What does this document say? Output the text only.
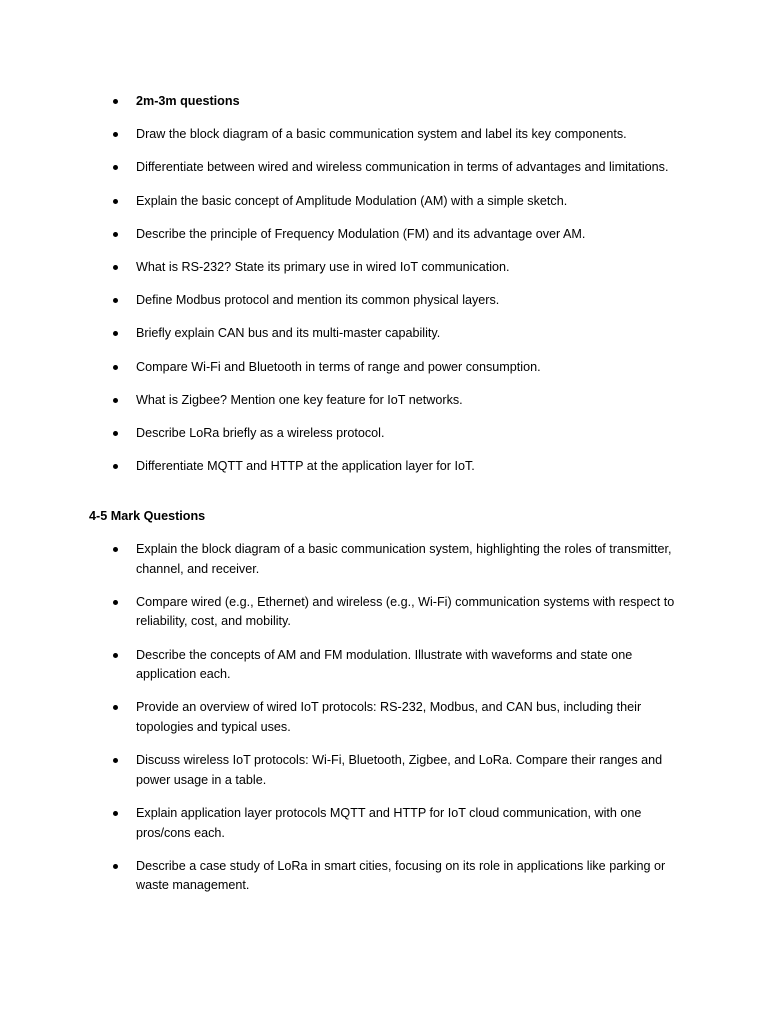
2m-3m questions
Draw the block diagram of a basic communication system and label its key components.
Differentiate between wired and wireless communication in terms of advantages and limitations.
Explain the basic concept of Amplitude Modulation (AM) with a simple sketch.
Describe the principle of Frequency Modulation (FM) and its advantage over AM.
What is RS-232? State its primary use in wired IoT communication.
Define Modbus protocol and mention its common physical layers.
Briefly explain CAN bus and its multi-master capability.
Compare Wi-Fi and Bluetooth in terms of range and power consumption.
What is Zigbee? Mention one key feature for IoT networks.
Describe LoRa briefly as a wireless protocol.
Differentiate MQTT and HTTP at the application layer for IoT.
4-5 Mark Questions
Explain the block diagram of a basic communication system, highlighting the roles of transmitter, channel, and receiver.
Compare wired (e.g., Ethernet) and wireless (e.g., Wi-Fi) communication systems with respect to reliability, cost, and mobility.
Describe the concepts of AM and FM modulation. Illustrate with waveforms and state one application each.
Provide an overview of wired IoT protocols: RS-232, Modbus, and CAN bus, including their topologies and typical uses.
Discuss wireless IoT protocols: Wi-Fi, Bluetooth, Zigbee, and LoRa. Compare their ranges and power usage in a table.
Explain application layer protocols MQTT and HTTP for IoT cloud communication, with one pros/cons each.
Describe a case study of LoRa in smart cities, focusing on its role in applications like parking or waste management.
